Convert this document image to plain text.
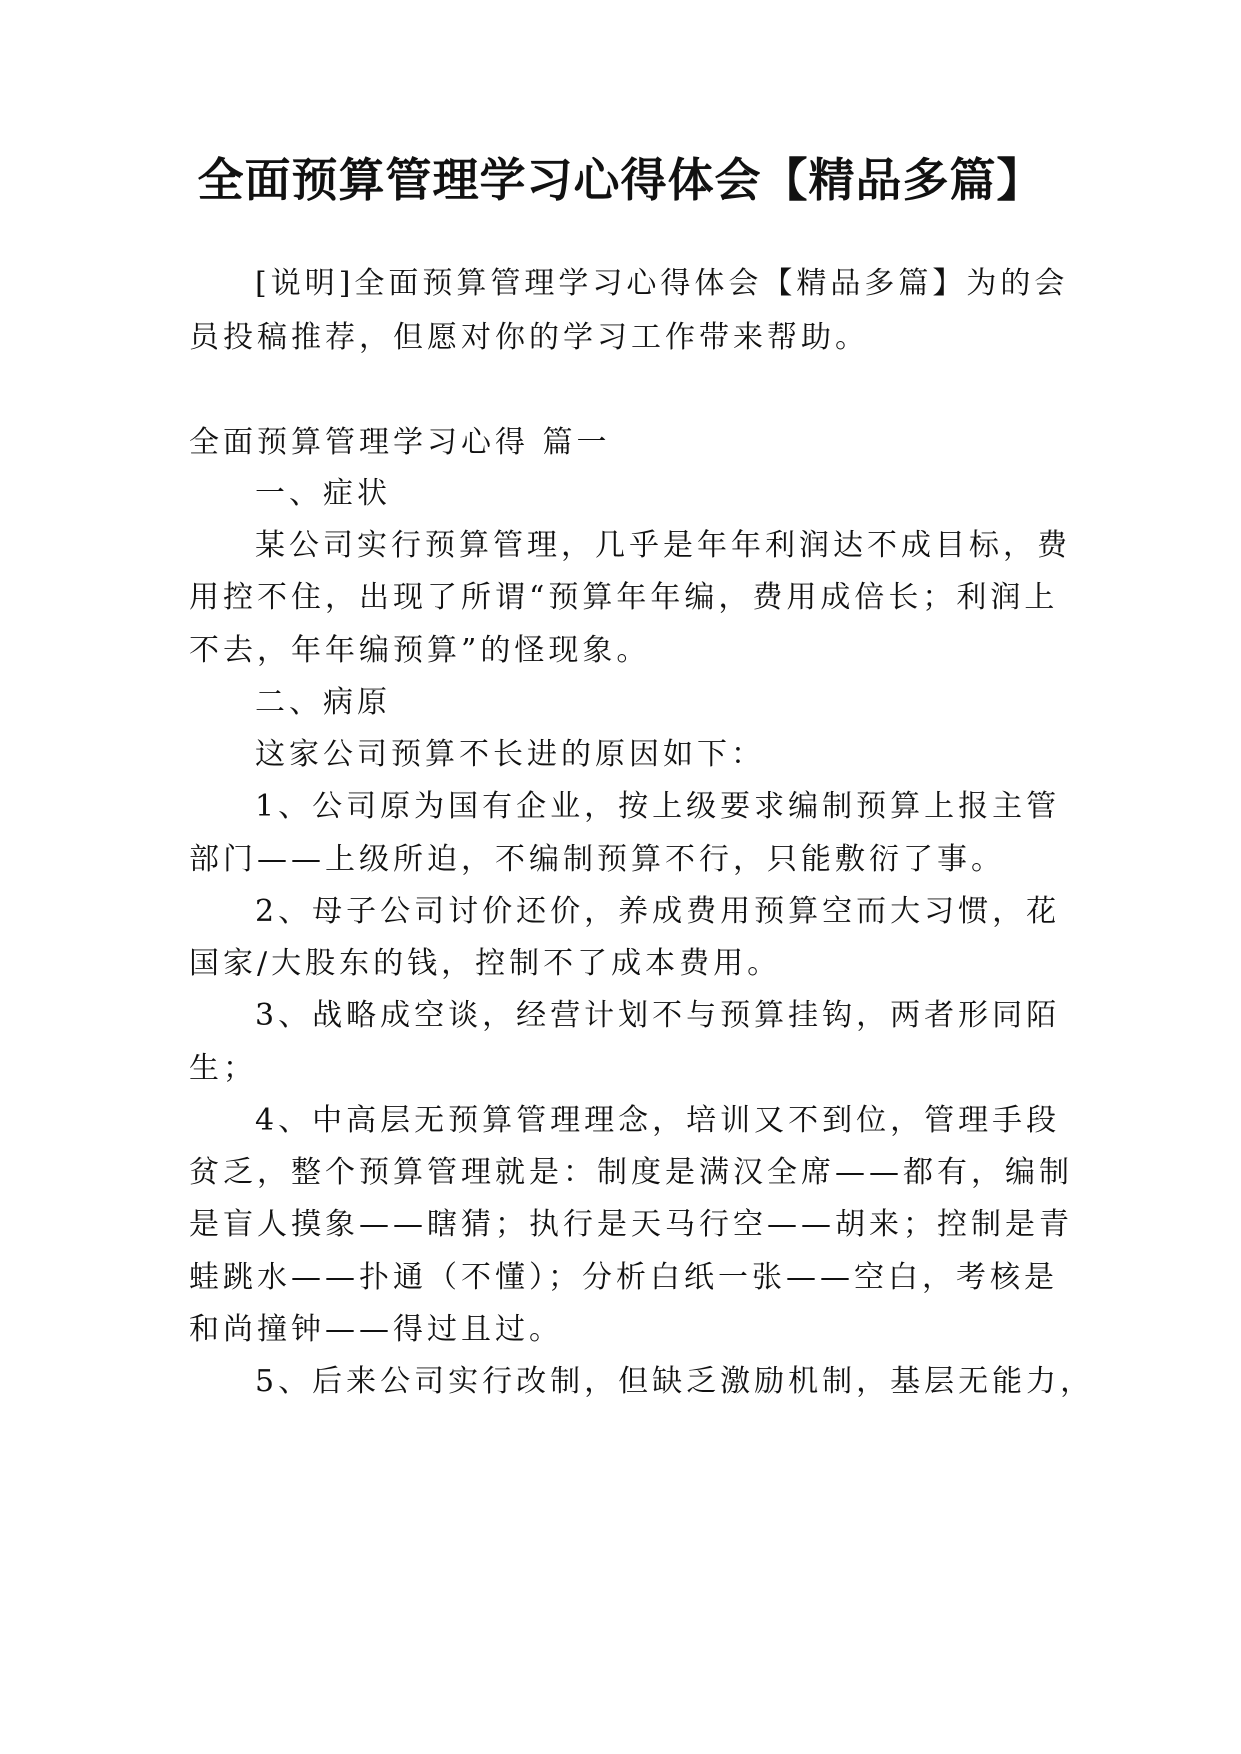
全面预算管理学习心得体会【精品多篇】
[说明]全面预算管理学习心得体会【精品多篇】为的会
员投稿推荐，但愿对你的学习工作带来帮助。
全面预算管理学习心得 篇一
一、症状
某公司实行预算管理，几乎是年年利润达不成目标，费
用控不住，出现了所谓“预算年年编，费用成倍长；利润上
不去，年年编预算”的怪现象。
二、病原
这家公司预算不长进的原因如下：
1、公司原为国有企业，按上级要求编制预算上报主管
部门——上级所迫，不编制预算不行，只能敷衍了事。
2、母子公司讨价还价，养成费用预算空而大习惯，花
国家/大股东的钱，控制不了成本费用。
3、战略成空谈，经营计划不与预算挂钩，两者形同陌
生；
4、中高层无预算管理理念，培训又不到位，管理手段
贫乏，整个预算管理就是：制度是满汉全席——都有，编制
是盲人摸象——瞎猜；执行是天马行空——胡来；控制是青
蛙跳水——扑通（不懂）；分析白纸一张——空白，考核是
和尚撞钟——得过且过。
5、后来公司实行改制，但缺乏激励机制，基层无能力，
